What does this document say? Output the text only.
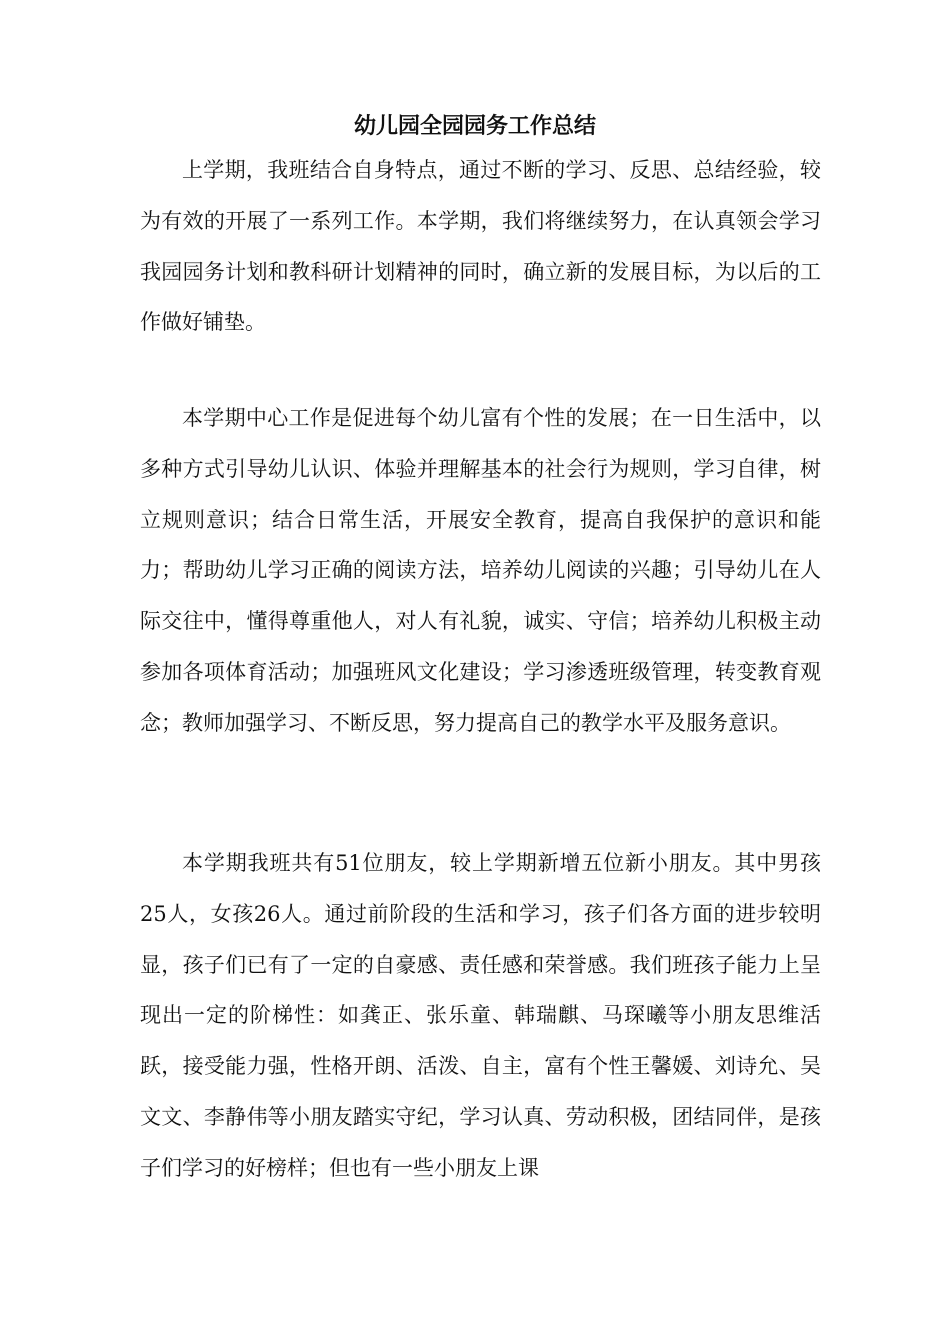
幼儿园全园园务工作总结

上学期，我班结合自身特点，通过不断的学习、反思、总结经验，较为有效的开展了一系列工作。本学期，我们将继续努力，在认真领会学习我园园务计划和教科研计划精神的同时，确立新的发展目标，为以后的工作做好铺垫。

本学期中心工作是促进每个幼儿富有个性的发展；在一日生活中，以多种方式引导幼儿认识、体验并理解基本的社会行为规则，学习自律，树立规则意识；结合日常生活，开展安全教育，提高自我保护的意识和能力；帮助幼儿学习正确的阅读方法，培养幼儿阅读的兴趣；引导幼儿在人际交往中，懂得尊重他人，对人有礼貌，诚实、守信；培养幼儿积极主动参加各项体育活动；加强班风文化建设；学习渗透班级管理，转变教育观念；教师加强学习、不断反思，努力提高自己的教学水平及服务意识。

本学期我班共有51位朋友，较上学期新增五位新小朋友。其中男孩25人，女孩26人。通过前阶段的生活和学习，孩子们各方面的进步较明显，孩子们已有了一定的自豪感、责任感和荣誉感。我们班孩子能力上呈现出一定的阶梯性：如龚正、张乐童、韩瑞麒、马琛曦等小朋友思维活跃，接受能力强，性格开朗、活泼、自主，富有个性王馨媛、刘诗允、吴文文、李静伟等小朋友踏实守纪，学习认真、劳动积极，团结同伴，是孩子们学习的好榜样；但也有一些小朋友上课
